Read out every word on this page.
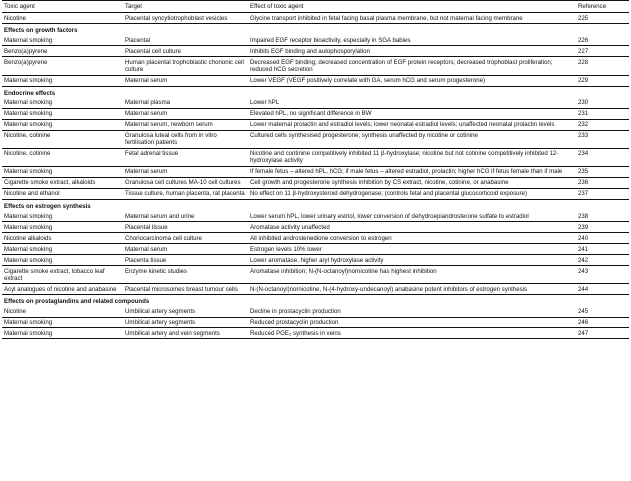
Toxic agent	Target	Effect of toxic agent	Reference
Nicotine	Placental syncytiotrophoblast vesicles	Glycine transport inhibited in fetal facing basal plasma membrane, but not maternal facing membrane	225
Effects on growth factors			
Maternal smoking	Placental	Impaired EGF receptor bioactivity, especially in SGA babies	226
Benzo(a)pyrene	Placental cell culture	Inhibits EGF binding and autophosporylation	227
Benzo(a)pyrene	Human placental trophoblastic chorionic cell culture	Decreased EGF binding; decreased concentration of EGF protein receptors; decreased trophoblast proliferation; reduced hCG secretion	228
Maternal smoking	Maternal serum	Lower VEGF (VEGF positively correlate with GA, serum hCG and serum progesterone)	229
Endocrine effects			
Maternal smoking	Maternal plasma	Lower hPL	230
Maternal smoking	Maternal serum	Elevated hPL, no significant difference in BW	231
Maternal smoking	Maternal serum, newborn serum	Lower maternal prolactin and estradiol levels; lower neonatal estradiol levels; unaffected neonatal prolactin levels	232
Nicotine, cotinine	Granulosa luteal cells from in vitro fertilisation patients	Cultured cells synthesised progesterone; synthesis unaffected by nicotine or cotinine	233
Nicotine, cotinine	Fetal adrenal tissue	Nicotine and continine competitively inhibited 11 β-hydroxylase; nicotine but not cotinine competitively inhibited 12-hydroxylase activity	234
Maternal smoking	Maternal serum	If female fetus – altered hPL, hCG; if male fetus – altered estradiol, prolactin; higher hCG if fetus female than if male	235
Cigarette smoke extract, alkaloids	Granulosa cell cultures MA-10 cell cultures	Cell growth and progesterone synthesis inhibition by CS extract, nicotine, cotinine, or anabasine	236
Nicotine and ethanol	Tissue culture, human placenta, rat placenta	No effect on 11 β-hydroxysteroid dehydrogenase; (controls fetal and placental glucocorticoid exposure)	237
Effects on estrogen synthesis			
Maternal smoking	Maternal serum and urine	Lower serum hPL, lower urinary estriol, lower conversion of dehydroepiandrosterone sulfate to estradiol	238
Maternal smoking	Placental tissue	Aromatase activity unaffected	239
Nicotine alkaloids	Choriocarcinoma cell culture	All inhibited androstenedione conversion to estrogen	240
Maternal smoking	Maternal serum	Estrogen levels 10% lower	241
Maternal smoking	Placenta tissue	Lower aromatase, higher aryl hydroxylase activity	242
Cigarette smoke extract, tobacco leaf extract	Enzyme kinetic studies	Aromatase inhibition; N-(N-octanoyl)nornicotine has highest inhibition	243
Acyl analogues of nicotine and anabasine	Placental microsomes breast tumour cells	N-(N-octanoyl)nornicotine, N-(4-hydroxy-undecanoyl) anabasine potent inhibitors of estrogen synthesis	244
Effects on prostaglandins and related compounds			
Nicotine	Umbilical artery segments	Decline in prostacyclin production	245
Maternal smoking	Umbilical artery segments	Reduced prostacyclin production	246
Maternal smoking	Umbilical artery and vein segments	Reduced PGE₂ synthesis in veins	247
